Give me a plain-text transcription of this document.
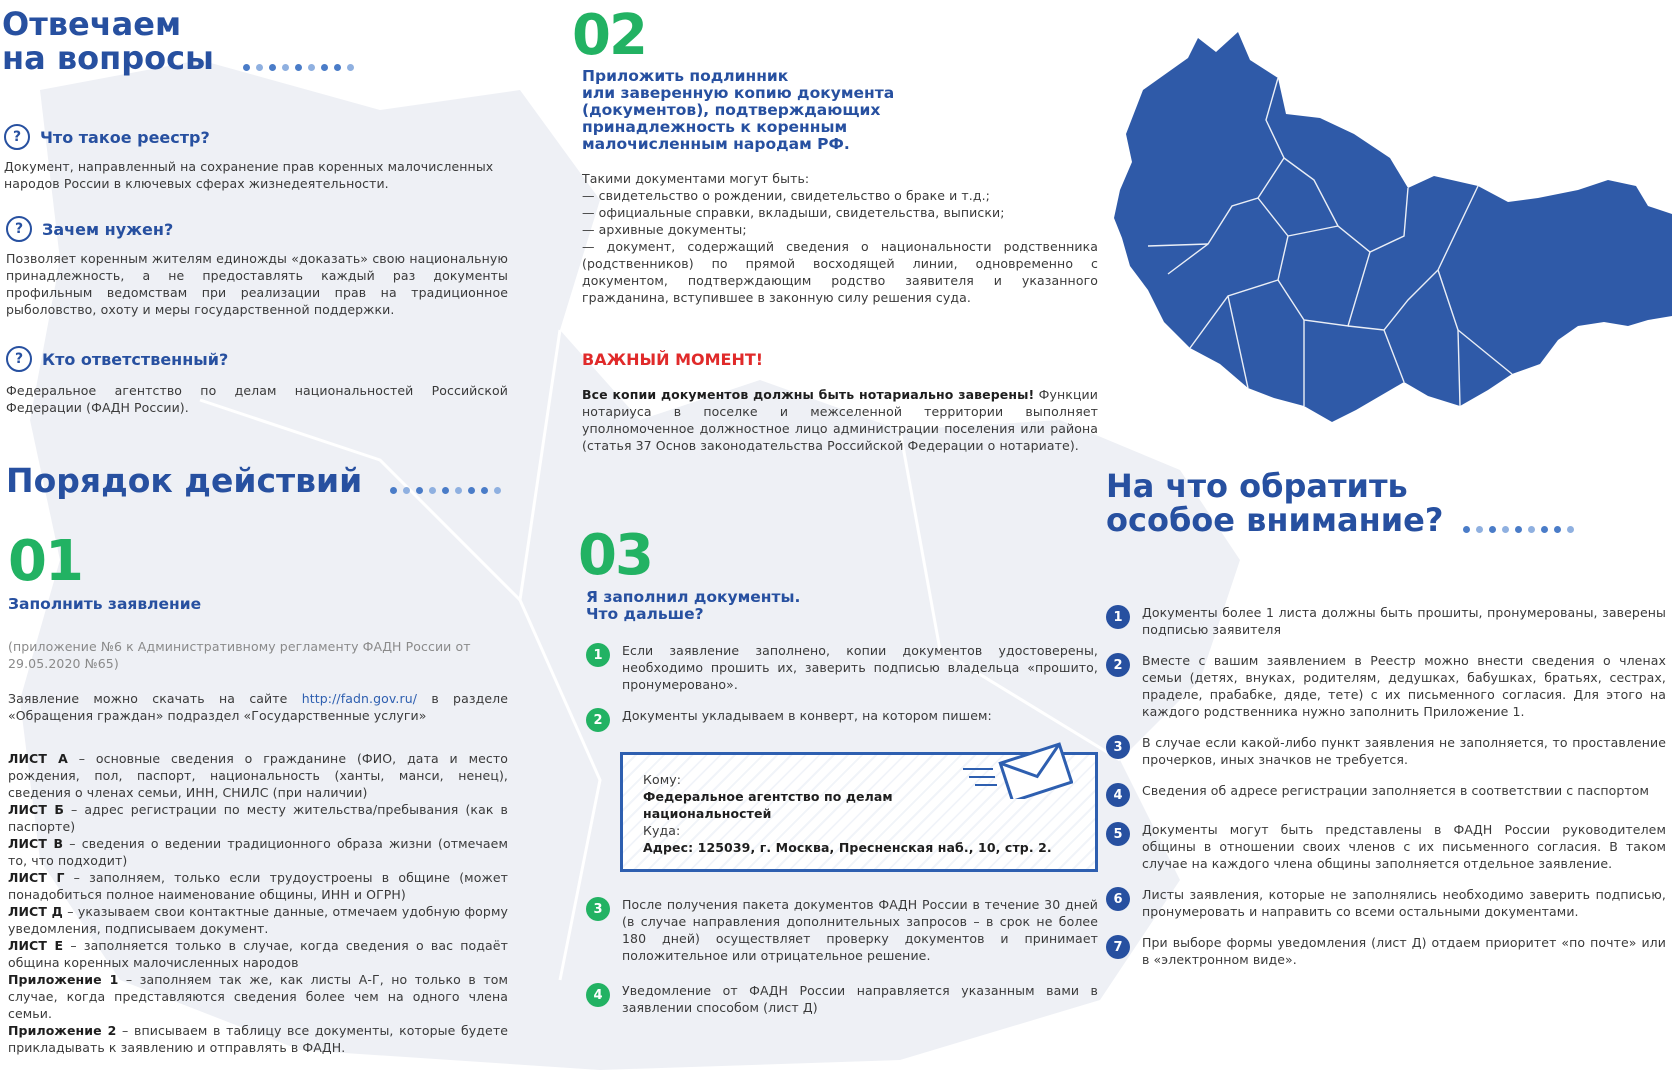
Отвечаем
на вопросы
?	Что такое реестр?
Документ, направленный на сохранение прав коренных малочисленных народов России в ключевых сферах жизнедеятельности.
?	Зачем нужен?
Позволяет коренным жителям единожды «доказать» свою национальную принадлежность, а не предоставлять каждый раз документы профильным ведомствам при реализации прав на традиционное рыболовство, охоту и меры государственной поддержки.
?	Кто ответственный?
Федеральное агентство по делам национальностей Российской Федерации (ФАДН России).
Порядок действий
01
Заполнить заявление
(приложение №6 к Административному регламенту ФАДН России от 29.05.2020 №65)
Заявление можно скачать на сайте http://fadn.gov.ru/ в разделе «Обращения граждан» подраздел «Государственные услуги»
ЛИСТ А – основные сведения о гражданине (ФИО, дата и место рождения, пол, паспорт, национальность (ханты, манси, ненец), сведения о членах семьи, ИНН, СНИЛС (при наличии)
ЛИСТ Б – адрес регистрации по месту жительства/пребывания (как в паспорте)
ЛИСТ В – сведения о ведении традиционного образа жизни (отмечаем то, что подходит)
ЛИСТ Г – заполняем, только если трудоустроены в общине (может понадобиться полное наименование общины, ИНН и ОГРН)
ЛИСТ Д – указываем свои контактные данные, отмечаем удобную форму уведомления, подписываем документ.
ЛИСТ Е – заполняется только в случае, когда сведения о вас подаёт община коренных малочисленных народов
Приложение 1 – заполняем так же, как листы А-Г, но только в том случае, когда представляются сведения более чем на одного члена семьи.
Приложение 2 – вписываем в таблицу все документы, которые будете прикладывать к заявлению и отправлять в ФАДН.
02
Приложить подлинник
или заверенную копию документа
(документов), подтверждающих
принадлежность к коренным
малочисленным народам РФ.
Такими документами могут быть:
— свидетельство о рождении, свидетельство о браке и т.д.;
— официальные справки, вкладыши, свидетельства, выписки;
— архивные документы;
— документ, содержащий сведения о национальности родственника (родственников) по прямой восходящей линии, одновременно с документом, подтверждающим родство заявителя и указанного гражданина, вступившее в законную силу решения суда.
ВАЖНЫЙ МОМЕНТ!
Все копии документов должны быть нотариально заверены! Функции нотариуса в поселке и межселенной территории выполняет уполномоченное должностное лицо администрации поселения или района (статья 37 Основ законодательства Российской Федерации о нотариате).
03
Я заполнил документы.
Что дальше?
1	Если заявление заполнено, копии документов удостоверены, необходимо прошить их, заверить подписью владельца «прошито, пронумеровано».
2	Документы укладываем в конверт, на котором пишем:
Кому:
Федеральное агентство по делам национальностей
Куда:
Адрес: 125039, г. Москва, Пресненская наб., 10, стр. 2.
3	После получения пакета документов ФАДН России в течение 30 дней (в случае направления дополнительных запросов – в срок не более 180 дней) осуществляет проверку документов и принимает положительное или отрицательное решение.
4	Уведомление от ФАДН России направляется указанным вами в заявлении способом (лист Д)
На что обратить
особое внимание?
1	Документы более 1 листа должны быть прошиты, пронумерованы, заверены подписью заявителя
2	Вместе с вашим заявлением в Реестр можно внести сведения о членах семьи (детях, внуках, родителям, дедушках, бабушках, братьях, сестрах, праделе, прабабке, дяде, тете) с их письменного согласия. Для этого на каждого родственника нужно заполнить Приложение 1.
3	В случае если какой-либо пункт заявления не заполняется, то проставление прочерков, иных значков не требуется.
4	Сведения об адресе регистрации заполняется в соответствии с паспортом
5	Документы могут быть представлены в ФАДН России руководителем общины в отношении своих членов с их письменного согласия. В таком случае на каждого члена общины заполняется отдельное заявление.
6	Листы заявления, которые не заполнялись необходимо заверить подписью, пронумеровать и направить со всеми остальными документами.
7	При выборе формы уведомления (лист Д) отдаем приоритет «по почте» или в «электронном виде».
